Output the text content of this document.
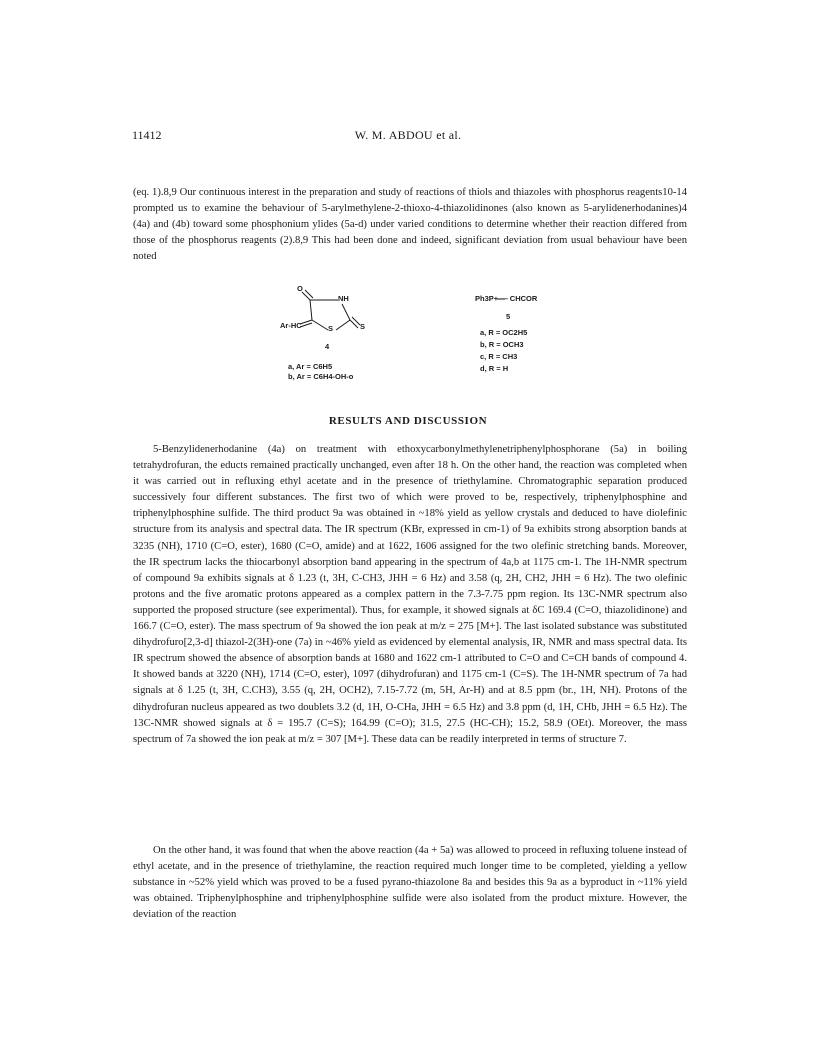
11412	W. M. ABDOU et al.

(eq. 1).8,9 Our continuous interest in the preparation and study of reactions of thiols and thiazoles with phosphorus reagents10-14 prompted us to examine the behaviour of 5-arylmethylene-2-thioxo-4-thiazolidinones (also known as 5-arylidenerhodanines)4 (4a) and (4b) toward some phosphonium ylides (5a-d) under varied conditions to determine whether their reaction differed from those of the phosphorus reagents (2).8,9 This had been done and indeed, significant deviation from usual behaviour have been noted

O
NH
S	S
Ar-HC
4
a, Ar = C6H5
b, Ar = C6H4-OH-o
Ph3P+ — CHCOR
5
a, R = OC2H5
b, R = OCH3
c, R = CH3
d, R = H
RESULTS AND DISCUSSION

5-Benzylidenerhodanine (4a) on treatment with ethoxycarbonylmethylenetriphenylphosphorane (5a) in boiling tetrahydrofuran, the educts remained practically unchanged, even after 18 h. On the other hand, the reaction was completed when it was carried out in refluxing ethyl acetate and in the presence of triethylamine. Chromatographic separation produced successively four different substances. The first two of which were proved to be, respectively, triphenylphosphine and triphenylphosphine sulfide. The third product 9a was obtained in ~18% yield as yellow crystals and deduced to have diolefinic structure from its analysis and spectral data. The IR spectrum (KBr, expressed in cm-1) of 9a exhibits strong absorption bands at 3235 (NH), 1710 (C=O, ester), 1680 (C=O, amide) and at 1622, 1606 assigned for the two olefinic stretching bands. Moreover, the IR spectrum lacks the thiocarbonyl absorption band appearing in the spectrum of 4a,b at 1175 cm-1. The 1H-NMR spectrum of compound 9a exhibits signals at δ 1.23 (t, 3H, C-CH3, JHH = 6 Hz) and 3.58 (q, 2H, CH2, JHH = 6 Hz). The two olefinic protons and the five aromatic protons appeared as a complex pattern in the 7.3-7.75 ppm region. Its 13C-NMR spectrum also supported the proposed structure (see experimental). Thus, for example, it showed signals at δC 169.4 (C=O, thiazolidinone) and 166.7 (C=O, ester). The mass spectrum of 9a showed the ion peak at m/z = 275 [M+]. The last isolated substance was substituted dihydrofuro[2,3-d] thiazol-2(3H)-one (7a) in ~46% yield as evidenced by elemental analysis, IR, NMR and mass spectral data. Its IR spectrum showed the absence of absorption bands at 1680 and 1622 cm-1 attributed to C=O and C=CH bands of compound 4. It showed bands at 3220 (NH), 1714 (C=O, ester), 1097 (dihydrofuran) and 1175 cm-1 (C=S). The 1H-NMR spectrum of 7a had signals at δ 1.25 (t, 3H, C.CH3), 3.55 (q, 2H, OCH2), 7.15-7.72 (m, 5H, Ar-H) and at 8.5 ppm (br., 1H, NH). Protons of the dihydrofuran nucleus appeared as two doublets 3.2 (d, 1H, O-CHa, JHH = 6.5 Hz) and 3.8 ppm (d, 1H, CHb, JHH = 6.5 Hz). The 13C-NMR showed signals at δ = 195.7 (C=S); 164.99 (C=O); 31.5, 27.5 (HC-CH); 15.2, 58.9 (OEt). Moreover, the mass spectrum of 7a showed the ion peak at m/z = 307 [M+]. These data can be readily interpreted in terms of structure 7.

On the other hand, it was found that when the above reaction (4a + 5a) was allowed to proceed in refluxing toluene instead of ethyl acetate, and in the presence of triethylamine, the reaction required much longer time to be completed, yielding a yellow substance in ~52% yield which was proved to be a fused pyrano-thiazolone 8a and besides this 9a as a byproduct in ~11% yield was obtained. Triphenylphosphine and triphenylphosphine sulfide were also isolated from the product mixture. However, the deviation of the reaction
